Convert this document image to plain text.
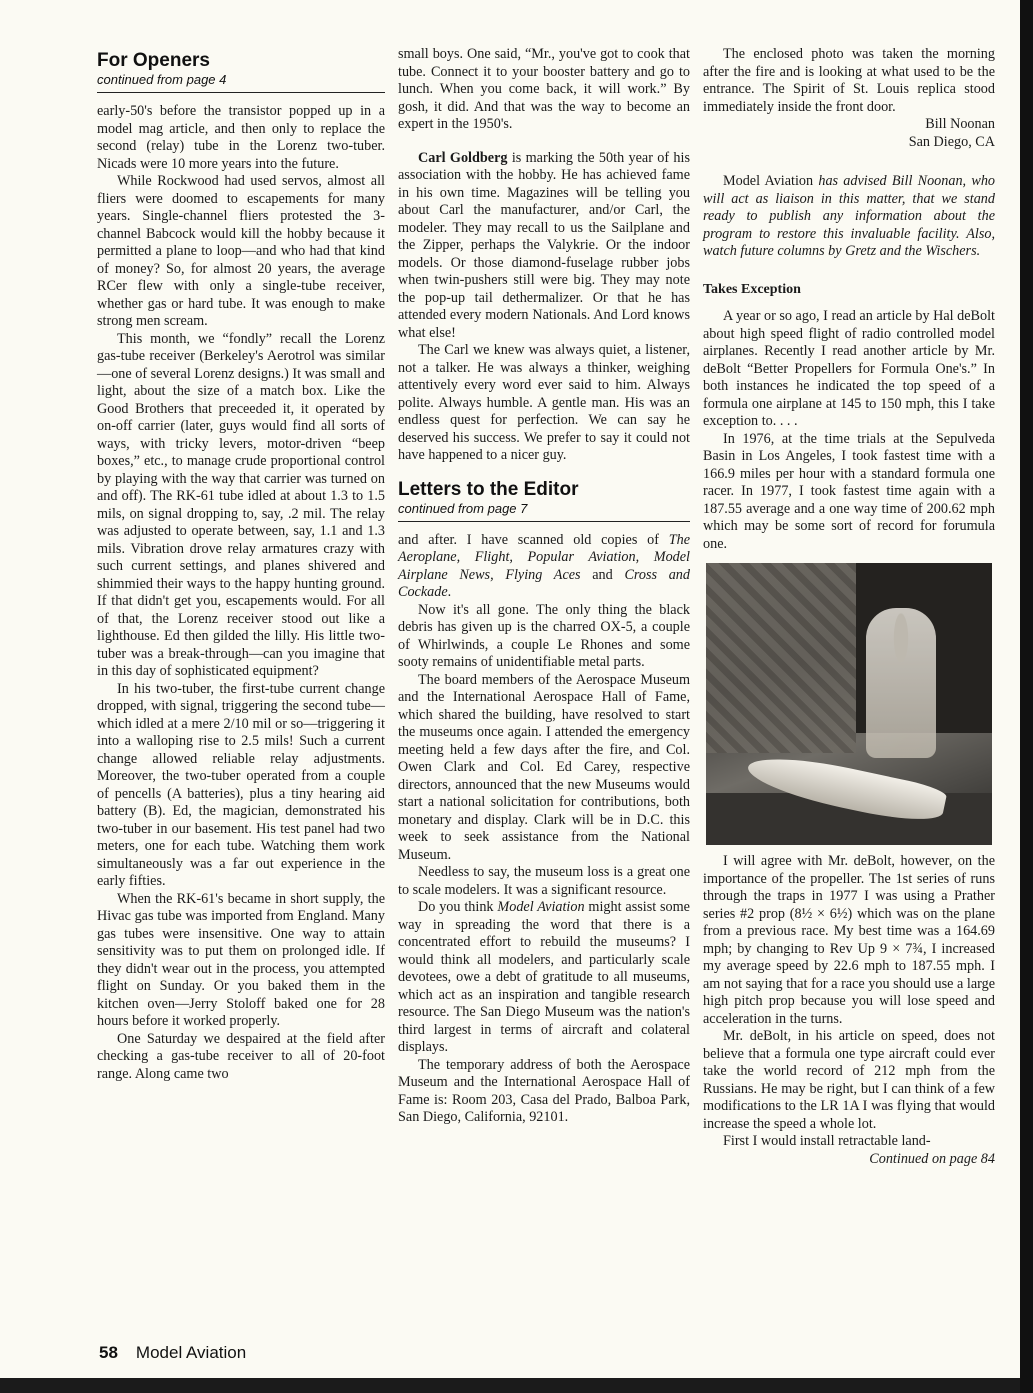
For Openers
continued from page 4

early-50's before the transistor popped up in a model mag article, and then only to replace the second (relay) tube in the Lorenz two-tuber. Nicads were 10 more years into the future.

While Rockwood had used servos, almost all fliers were doomed to escapements for many years. Single-channel fliers protested the 3-channel Babcock would kill the hobby because it permitted a plane to loop—and who had that kind of money? So, for almost 20 years, the average RCer flew with only a single-tube receiver, whether gas or hard tube. It was enough to make strong men scream.

This month, we “fondly” recall the Lorenz gas-tube receiver (Berkeley's Aerotrol was similar—one of several Lorenz designs.) It was small and light, about the size of a match box. Like the Good Brothers that preceeded it, it operated by on-off carrier (later, guys would find all sorts of ways, with tricky levers, motor-driven “beep boxes,” etc., to manage crude proportional control by playing with the way that carrier was turned on and off). The RK-61 tube idled at about 1.3 to 1.5 mils, on signal dropping to, say, .2 mil. The relay was adjusted to operate between, say, 1.1 and 1.3 mils. Vibration drove relay armatures crazy with such current settings, and planes shivered and shimmied their ways to the happy hunting ground. If that didn't get you, escapements would. For all of that, the Lorenz receiver stood out like a lighthouse. Ed then gilded the lilly. His little two-tuber was a break-through—can you imagine that in this day of sophisticated equipment?

In his two-tuber, the first-tube current change dropped, with signal, triggering the second tube—which idled at a mere 2/10 mil or so—triggering it into a walloping rise to 2.5 mils! Such a current change allowed reliable relay adjustments. Moreover, the two-tuber operated from a couple of pencells (A batteries), plus a tiny hearing aid battery (B). Ed, the magician, demonstrated his two-tuber in our basement. His test panel had two meters, one for each tube. Watching them work simultaneously was a far out experience in the early fifties.

When the RK-61's became in short supply, the Hivac gas tube was imported from England. Many gas tubes were insensitive. One way to attain sensitivity was to put them on prolonged idle. If they didn't wear out in the process, you attempted flight on Sunday. Or you baked them in the kitchen oven—Jerry Stoloff baked one for 28 hours before it worked properly.

One Saturday we despaired at the field after checking a gas-tube receiver to all of 20-foot range. Along came two

small boys. One said, “Mr., you've got to cook that tube. Connect it to your booster battery and go to lunch. When you come back, it will work.” By gosh, it did. And that was the way to become an expert in the 1950's.

Carl Goldberg is marking the 50th year of his association with the hobby. He has achieved fame in his own time. Magazines will be telling you about Carl the manufacturer, and/or Carl, the modeler. They may recall to us the Sailplane and the Zipper, perhaps the Valykrie. Or the indoor models. Or those diamond-fuselage rubber jobs when twin-pushers still were big. They may note the pop-up tail dethermalizer. Or that he has attended every modern Nationals. And Lord knows what else!

The Carl we knew was always quiet, a listener, not a talker. He was always a thinker, weighing attentively every word ever said to him. Always polite. Always humble. A gentle man. His was an endless quest for perfection. We can say he deserved his success. We prefer to say it could not have happened to a nicer guy.

Letters to the Editor
continued from page 7

and after. I have scanned old copies of The Aeroplane, Flight, Popular Aviation, Model Airplane News, Flying Aces and Cross and Cockade.

Now it's all gone. The only thing the black debris has given up is the charred OX-5, a couple of Whirlwinds, a couple Le Rhones and some sooty remains of unidentifiable metal parts.

The board members of the Aerospace Museum and the International Aerospace Hall of Fame, which shared the building, have resolved to start the museums once again. I attended the emergency meeting held a few days after the fire, and Col. Owen Clark and Col. Ed Carey, respective directors, announced that the new Museums would start a national solicitation for contributions, both monetary and display. Clark will be in D.C. this week to seek assistance from the National Museum.

Needless to say, the museum loss is a great one to scale modelers. It was a significant resource.

Do you think Model Aviation might assist some way in spreading the word that there is a concentrated effort to rebuild the museums? I would think all modelers, and particularly scale devotees, owe a debt of gratitude to all museums, which act as an inspiration and tangible research resource. The San Diego Museum was the nation's third largest in terms of aircraft and colateral displays.

The temporary address of both the Aerospace Museum and the International Aerospace Hall of Fame is: Room 203, Casa del Prado, Balboa Park, San Diego, California, 92101.

The enclosed photo was taken the morning after the fire and is looking at what used to be the entrance. The Spirit of St. Louis replica stood immediately inside the front door.

Bill Noonan

San Diego, CA

Model Aviation has advised Bill Noonan, who will act as liaison in this matter, that we stand ready to publish any information about the program to restore this invaluable facility. Also, watch future columns by Gretz and the Wischers.

Takes Exception

A year or so ago, I read an article by Hal deBolt about high speed flight of radio controlled model airplanes. Recently I read another article by Mr. deBolt “Better Propellers for Formula One's.” In both instances he indicated the top speed of a formula one airplane at 145 to 150 mph, this I take exception to. . . .

In 1976, at the time trials at the Sepulveda Basin in Los Angeles, I took fastest time with a 166.9 miles per hour with a standard formula one racer. In 1977, I took fastest time again with a 187.55 average and a one way time of 200.62 mph which may be some sort of record for forumula one.

I will agree with Mr. deBolt, however, on the importance of the propeller. The 1st series of runs through the traps in 1977 I was using a Prather series #2 prop (8½ × 6½) which was on the plane from a previous race. My best time was a 164.69 mph; by changing to Rev Up 9 × 7¾, I increased my average speed by 22.6 mph to 187.55 mph. I am not saying that for a race you should use a large high pitch prop because you will lose speed and acceleration in the turns.

Mr. deBolt, in his article on speed, does not believe that a formula one type aircraft could ever take the world record of 212 mph from the Russians. He may be right, but I can think of a few modifications to the LR 1A I was flying that would increase the speed a whole lot.

First I would install retractable land-

Continued on page 84

58 Model Aviation
